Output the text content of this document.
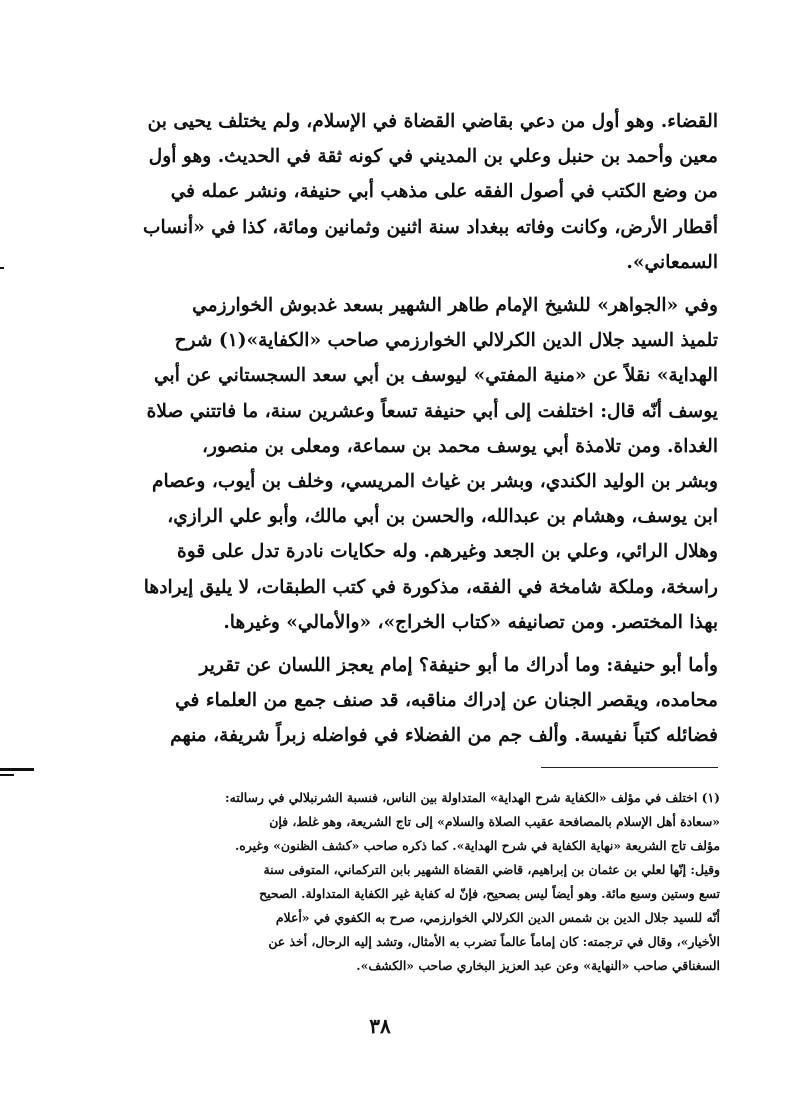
القضاء. وهو أول من دعي بقاضي القضاة في الإسلام، ولم يختلف يحيى بن
معين وأحمد بن حنبل وعلي بن المديني في كونه ثقة في الحديث. وهو أول
من وضع الكتب في أصول الفقه على مذهب أبي حنيفة، ونشر عمله في
أقطار الأرض، وكانت وفاته ببغداد سنة اثنين وثمانين ومائة، كذا في «أنساب
السمعاني».

وفي «الجواهر» للشيخ الإمام طاهر الشهير بسعد غدبوش الخوارزمي
تلميذ السيد جلال الدين الكرلالي الخوارزمي صاحب «الكفاية»(١) شرح
الهداية» نقلاً عن «منية المفتي» ليوسف بن أبي سعد السجستاني عن أبي
يوسف أنّه قال: اختلفت إلى أبي حنيفة تسعاً وعشرين سنة، ما فاتتني صلاة
الغداة. ومن تلامذة أبي يوسف محمد بن سماعة، ومعلى بن منصور،
وبشر بن الوليد الكندي، وبشر بن غياث المريسي، وخلف بن أيوب، وعصام
ابن يوسف، وهشام بن عبدالله، والحسن بن أبي مالك، وأبو علي الرازي،
وهلال الرائي، وعلي بن الجعد وغيرهم. وله حكايات نادرة تدل على قوة
راسخة، وملكة شامخة في الفقه، مذكورة في كتب الطبقات، لا يليق إيرادها
بهذا المختصر. ومن تصانيفه «كتاب الخراج»، «والأمالي» وغيرها.

وأما أبو حنيفة: وما أدراك ما أبو حنيفة؟ إمام يعجز اللسان عن تقرير
محامده، ويقصر الجنان عن إدراك مناقبه، قد صنف جمع من العلماء في
فضائله كتباً نفيسة. وألف جم من الفضلاء في فواضله زبراً شريفة، منهم

(١) اختلف في مؤلف «الكفاية شرح الهداية» المتداولة بين الناس، فنسبة الشرنبلالي في رسالته:
«سعادة أهل الإسلام بالمصافحة عقيب الصلاة والسلام» إلى تاج الشريعة، وهو غلط، فإن
مؤلف تاج الشريعة «نهاية الكفاية في شرح الهداية». كما ذكره صاحب «كشف الظنون» وغيره.
وقيل: إنّها لعلي بن عثمان بن إبراهيم، قاضي القضاة الشهير بابن التركماني، المتوفى سنة
تسع وستين وسبع مائة. وهو أيضاً ليس بصحيح، فإنّ له كفاية غير الكفاية المتداولة. الصحيح
أنّه للسيد جلال الدين بن شمس الدين الكرلالي الخوارزمي، صرح به الكفوي في «أعلام
الأخيار»، وقال في ترجمته: كان إماماً عالماً تضرب به الأمثال، وتشد إليه الرحال، أخذ عن
السغناقي صاحب «النهاية» وعن عبد العزيز البخاري صاحب «الكشف».
٣٨
